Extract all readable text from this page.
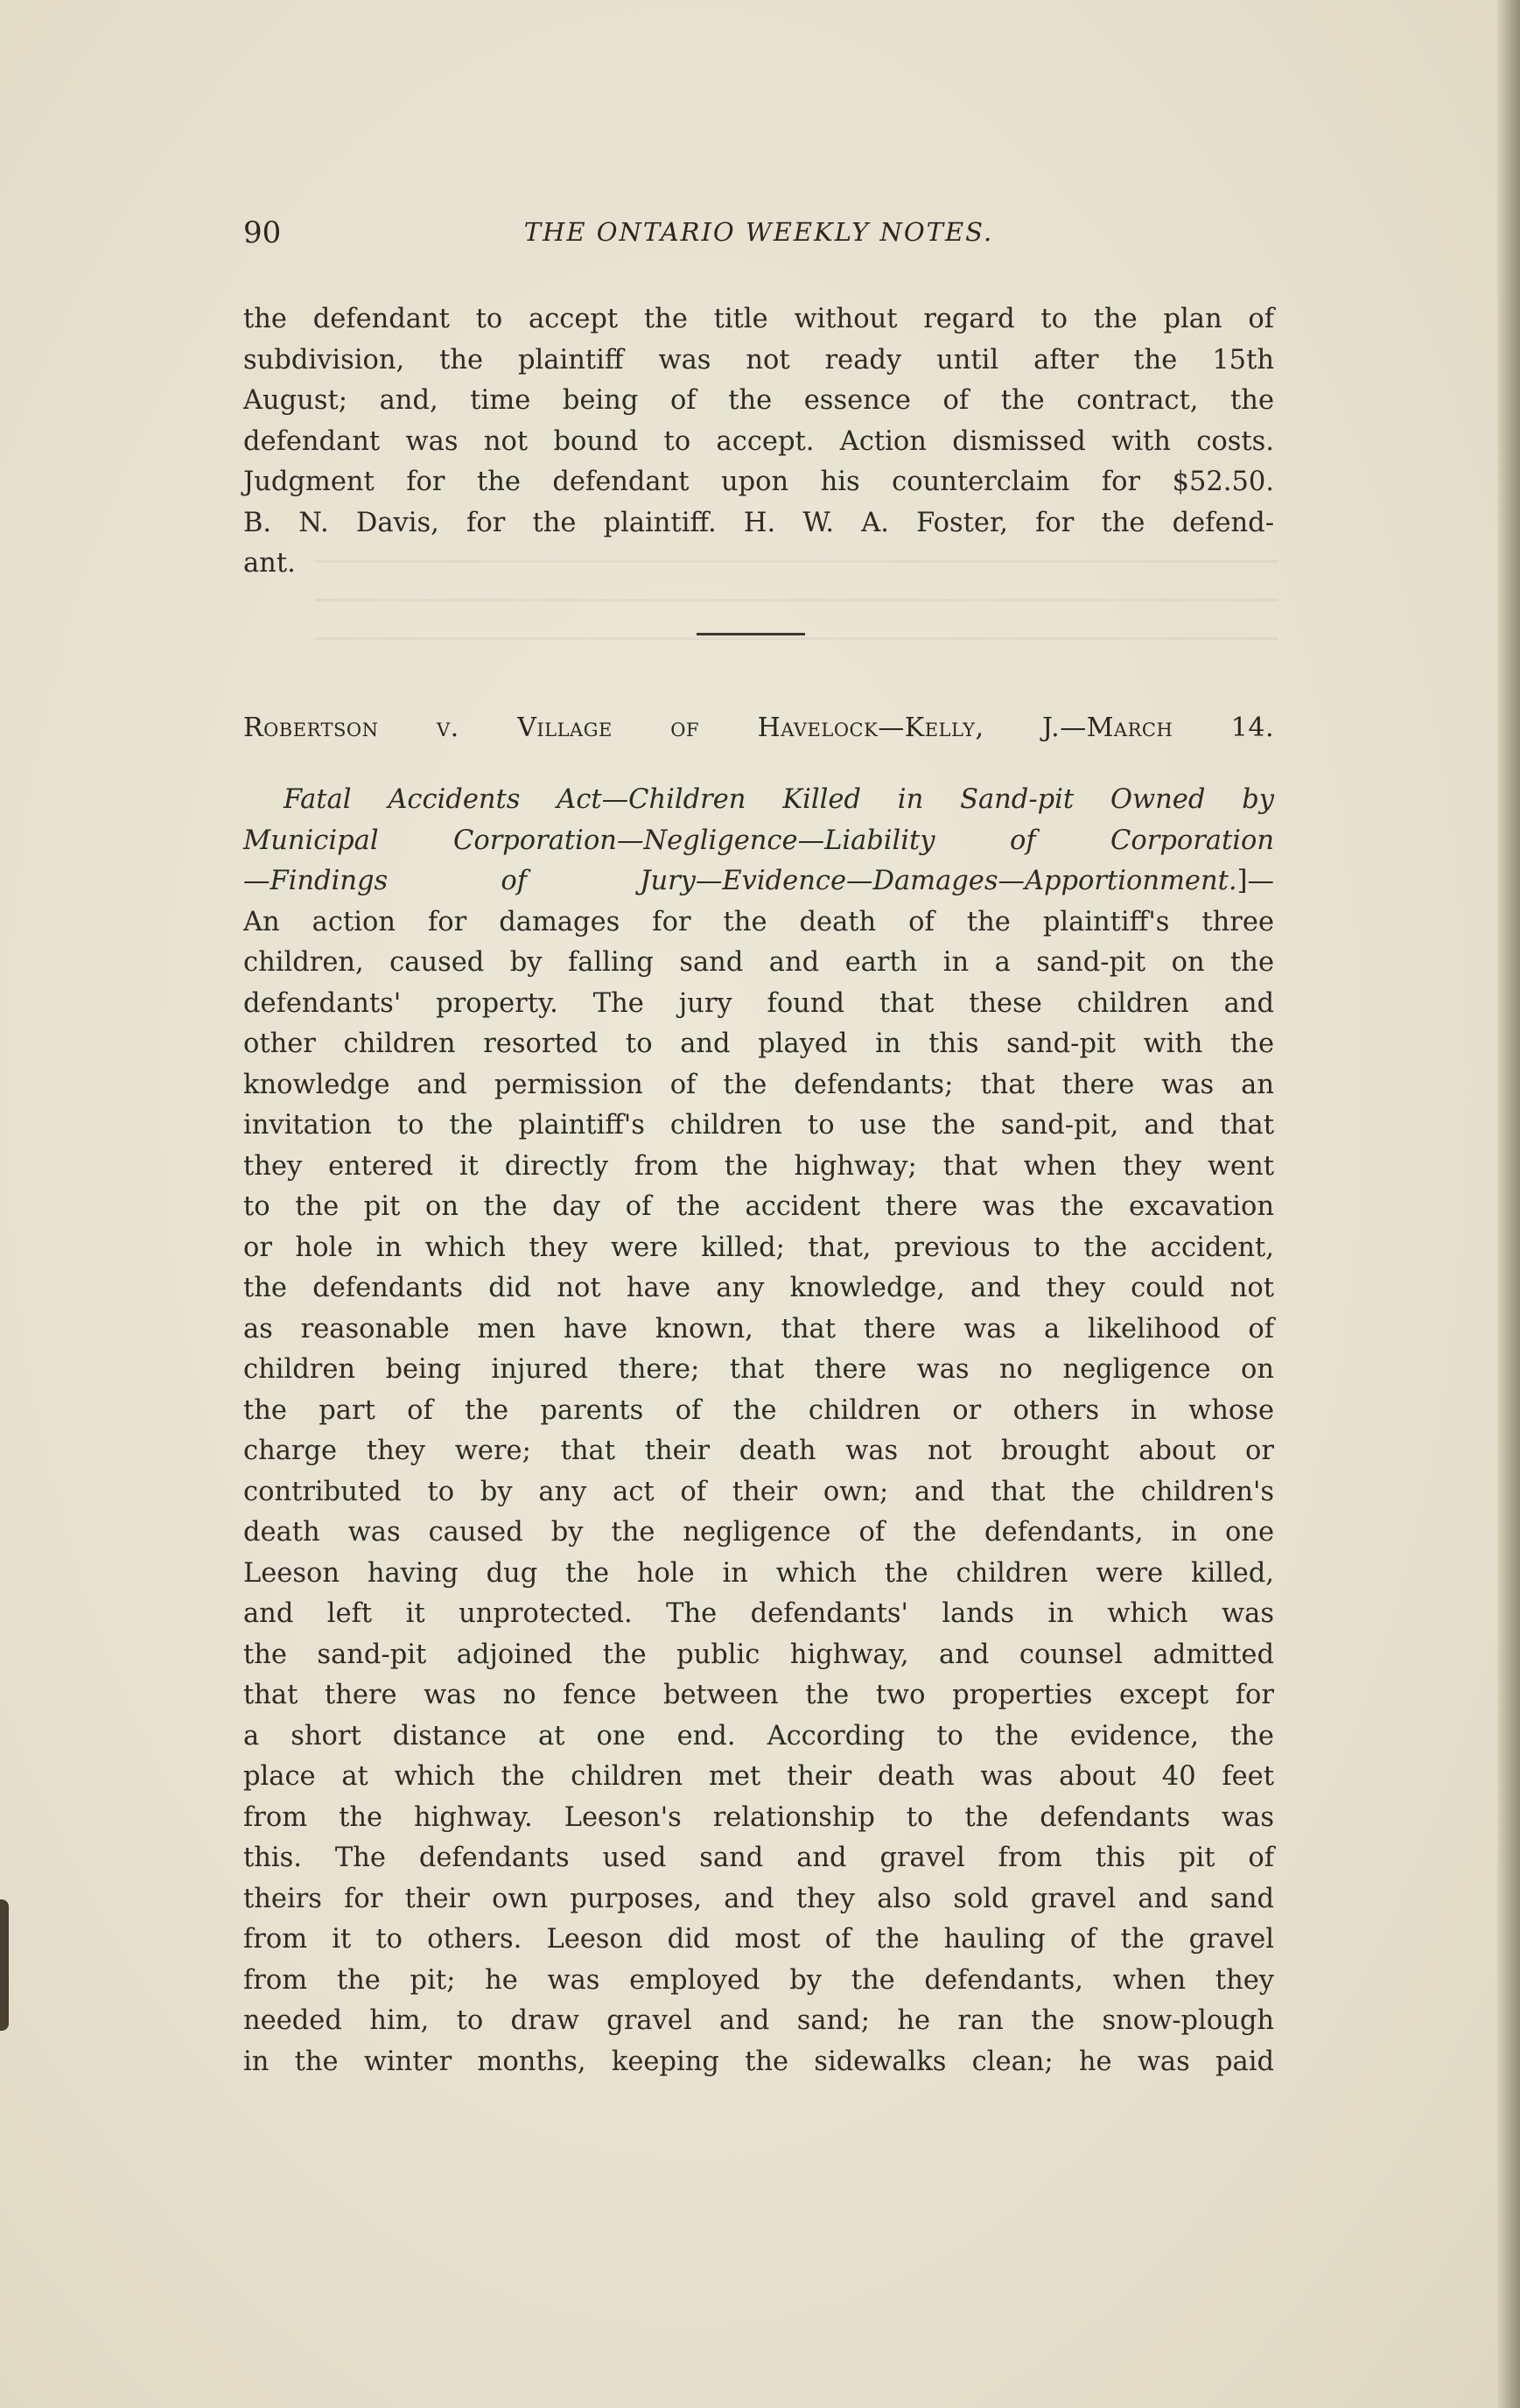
90	THE ONTARIO WEEKLY NOTES.
the defendant to accept the title without regard to the plan of
subdivision, the plaintiff was not ready until after the 15th
August; and, time being of the essence of the contract, the
defendant was not bound to accept. Action dismissed with costs.
Judgment for the defendant upon his counterclaim for $52.50.
B. N. Davis, for the plaintiff. H. W. A. Foster, for the defend-
ant.
Robertson v. Village of Havelock—Kelly, J.—March 14.
Fatal Accidents Act—Children Killed in Sand-pit Owned by
Municipal Corporation—Negligence—Liability of Corporation
—Findings of Jury—Evidence—Damages—Apportionment.]—
An action for damages for the death of the plaintiff's three
children, caused by falling sand and earth in a sand-pit on the
defendants' property. The jury found that these children and
other children resorted to and played in this sand-pit with the
knowledge and permission of the defendants; that there was an
invitation to the plaintiff's children to use the sand-pit, and that
they entered it directly from the highway; that when they went
to the pit on the day of the accident there was the excavation
or hole in which they were killed; that, previous to the accident,
the defendants did not have any knowledge, and they could not
as reasonable men have known, that there was a likelihood of
children being injured there; that there was no negligence on
the part of the parents of the children or others in whose
charge they were; that their death was not brought about or
contributed to by any act of their own; and that the children's
death was caused by the negligence of the defendants, in one
Leeson having dug the hole in which the children were killed,
and left it unprotected. The defendants' lands in which was
the sand-pit adjoined the public highway, and counsel admitted
that there was no fence between the two properties except for
a short distance at one end. According to the evidence, the
place at which the children met their death was about 40 feet
from the highway. Leeson's relationship to the defendants was
this. The defendants used sand and gravel from this pit of
theirs for their own purposes, and they also sold gravel and sand
from it to others. Leeson did most of the hauling of the gravel
from the pit; he was employed by the defendants, when they
needed him, to draw gravel and sand; he ran the snow-plough
in the winter months, keeping the sidewalks clean; he was paid
